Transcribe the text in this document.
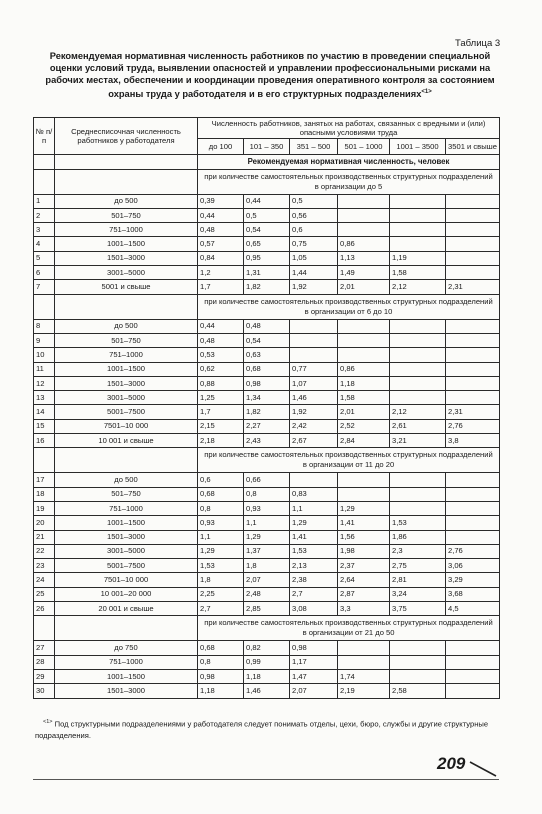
Таблица 3
Рекомендуемая нормативная численность работников по участию в проведении специальной оценки условий труда, выявлении опасностей и управлении профессиональными рисками на рабочих местах, обеспечении и координации проведения оперативного контроля за состоянием охраны труда у работодателя и в его структурных подразделениях$^{<1>}$
№ п/п	Среднесписочная численность работников у работодателя	Численность работников, занятых на работах, связанных с вредными и (или) опасными условиями труда					
		до 100	101 – 350	351 – 500	501 – 1000	1001 – 3500	3501 и свыше
		Рекомендуемая нормативная численность, человек					
		при количестве самостоятельных производственных структурных подразделений в организации до 5					
1	до 500	0,39	0,44	0,5			
2	501–750	0,44	0,5	0,56			
3	751–1000	0,48	0,54	0,6			
4	1001–1500	0,57	0,65	0,75	0,86		
5	1501–3000	0,84	0,95	1,05	1,13	1,19	
6	3001–5000	1,2	1,31	1,44	1,49	1,58	
7	5001 и свыше	1,7	1,82	1,92	2,01	2,12	2,31
		при количестве самостоятельных производственных структурных подразделений в организации от 6 до 10					
8	до 500	0,44	0,48				
9	501–750	0,48	0,54				
10	751–1000	0,53	0,63				
11	1001–1500	0,62	0,68	0,77	0,86		
12	1501–3000	0,88	0,98	1,07	1,18		
13	3001–5000	1,25	1,34	1,46	1,58		
14	5001–7500	1,7	1,82	1,92	2,01	2,12	2,31
15	7501–10 000	2,15	2,27	2,42	2,52	2,61	2,76
16	10 001 и свыше	2,18	2,43	2,67	2,84	3,21	3,8
		при количестве самостоятельных производственных структурных подразделений в организации от 11 до 20					
17	до 500	0,6	0,66				
18	501–750	0,68	0,8	0,83			
19	751–1000	0,8	0,93	1,1	1,29		
20	1001–1500	0,93	1,1	1,29	1,41	1,53	
21	1501–3000	1,1	1,29	1,41	1,56	1,86	
22	3001–5000	1,29	1,37	1,53	1,98	2,3	2,76
23	5001–7500	1,53	1,8	2,13	2,37	2,75	3,06
24	7501–10 000	1,8	2,07	2,38	2,64	2,81	3,29
25	10 001–20 000	2,25	2,48	2,7	2,87	3,24	3,68
26	20 001 и свыше	2,7	2,85	3,08	3,3	3,75	4,5
		при количестве самостоятельных производственных структурных подразделений в организации от 21 до 50					
27	до 750	0,68	0,82	0,98			
28	751–1000	0,8	0,99	1,17			
29	1001–1500	0,98	1,18	1,47	1,74		
30	1501–3000	1,18	1,46	2,07	2,19	2,58	
$^{<1>}$ Под структурными подразделениями у работодателя следует понимать отделы, цехи, бюро, службы и другие структурные подразделения.
209
